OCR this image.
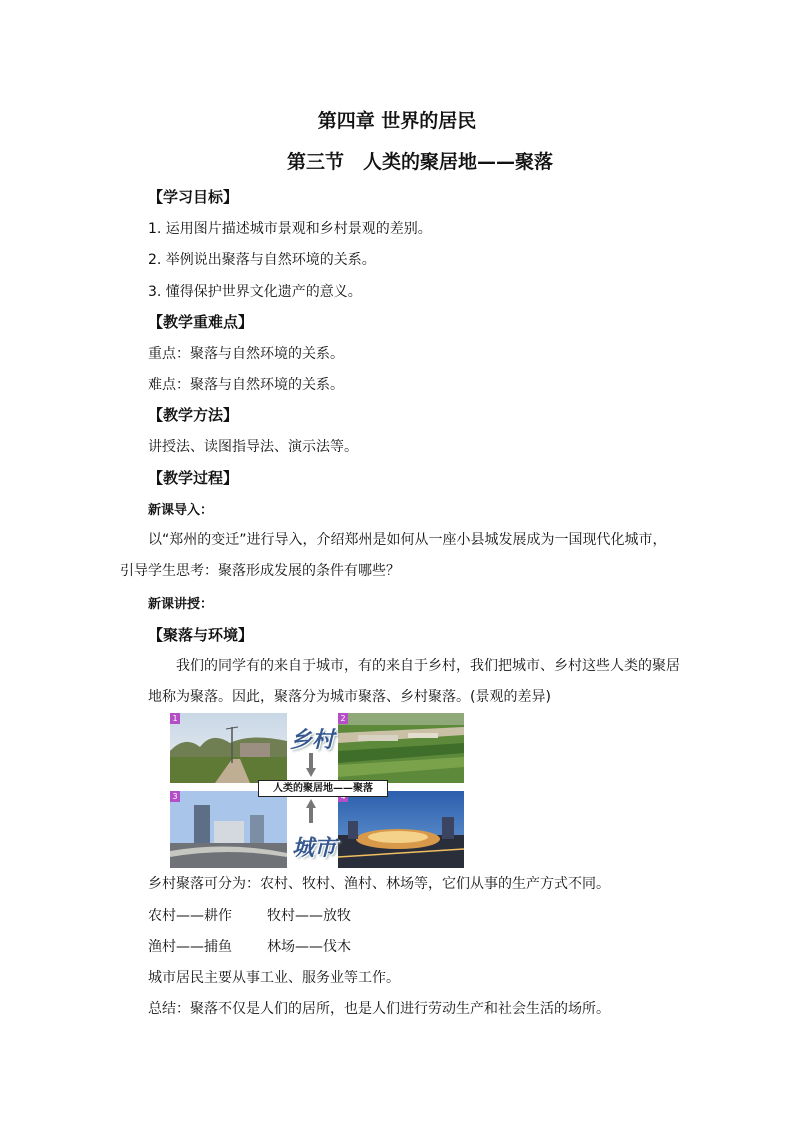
第四章 世界的居民
第三节　人类的聚居地——聚落
【学习目标】
1. 运用图片描述城市景观和乡村景观的差别。
2. 举例说出聚落与自然环境的关系。
3. 懂得保护世界文化遗产的意义。
【教学重难点】
重点：聚落与自然环境的关系。
难点：聚落与自然环境的关系。
【教学方法】
讲授法、读图指导法、演示法等。
【教学过程】
新课导入：
以“郑州的变迁”进行导入，介绍郑州是如何从一座小县城发展成为一国现代化城市，
引导学生思考：聚落形成发展的条件有哪些？
新课讲授：
【聚落与环境】
我们的同学有的来自于城市，有的来自于乡村，我们把城市、乡村这些人类的聚居
地称为聚落。因此，聚落分为城市聚落、乡村聚落。(景观的差异)
1	2
3
乡村
人类的聚居地——聚落
城市
乡村聚落可分为：农村、牧村、渔村、林场等，它们从事的生产方式不同。
农村——耕作	牧村——放牧
渔村——捕鱼	林场——伐木
城市居民主要从事工业、服务业等工作。
总结：聚落不仅是人们的居所，也是人们进行劳动生产和社会生活的场所。
